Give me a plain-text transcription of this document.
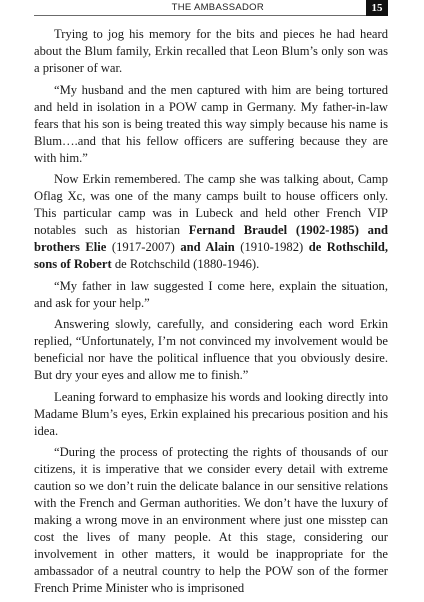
THE AMBASSADOR	15

Trying to jog his memory for the bits and pieces he had heard about the Blum family, Erkin recalled that Leon Blum’s only son was a prisoner of war.

“My husband and the men captured with him are being tortured and held in isolation in a POW camp in Germany. My father-in-law fears that his son is being treated this way simply because his name is Blum….and that his fellow officers are suffering because they are with him.”

Now Erkin remembered. The camp she was talking about, Camp Oflag Xc, was one of the many camps built to house officers only. This particular camp was in Lubeck and held other French VIP notables such as historian Fernand Braudel (1902-1985) and brothers Elie (1917-2007) and Alain (1910-1982) de Rothschild, sons of Robert de Rotchschild (1880-1946).

“My father in law suggested I come here, explain the situation, and ask for your help.”

Answering slowly, carefully, and considering each word Erkin replied, “Unfortunately, I’m not convinced my involvement would be beneficial nor have the political influence that you obviously desire. But dry your eyes and allow me to finish.”

Leaning forward to emphasize his words and looking directly into Madame Blum’s eyes, Erkin explained his precarious position and his idea.

“During the process of protecting the rights of thousands of our citizens, it is imperative that we consider every detail with extreme caution so we don’t ruin the delicate balance in our sensitive relations with the French and German authorities. We don’t have the luxury of making a wrong move in an environment where just one misstep can cost the lives of many people. At this stage, considering our involvement in other matters, it would be inappropriate for the ambassador of a neutral country to help the POW son of the former French Prime Minister who is imprisoned
